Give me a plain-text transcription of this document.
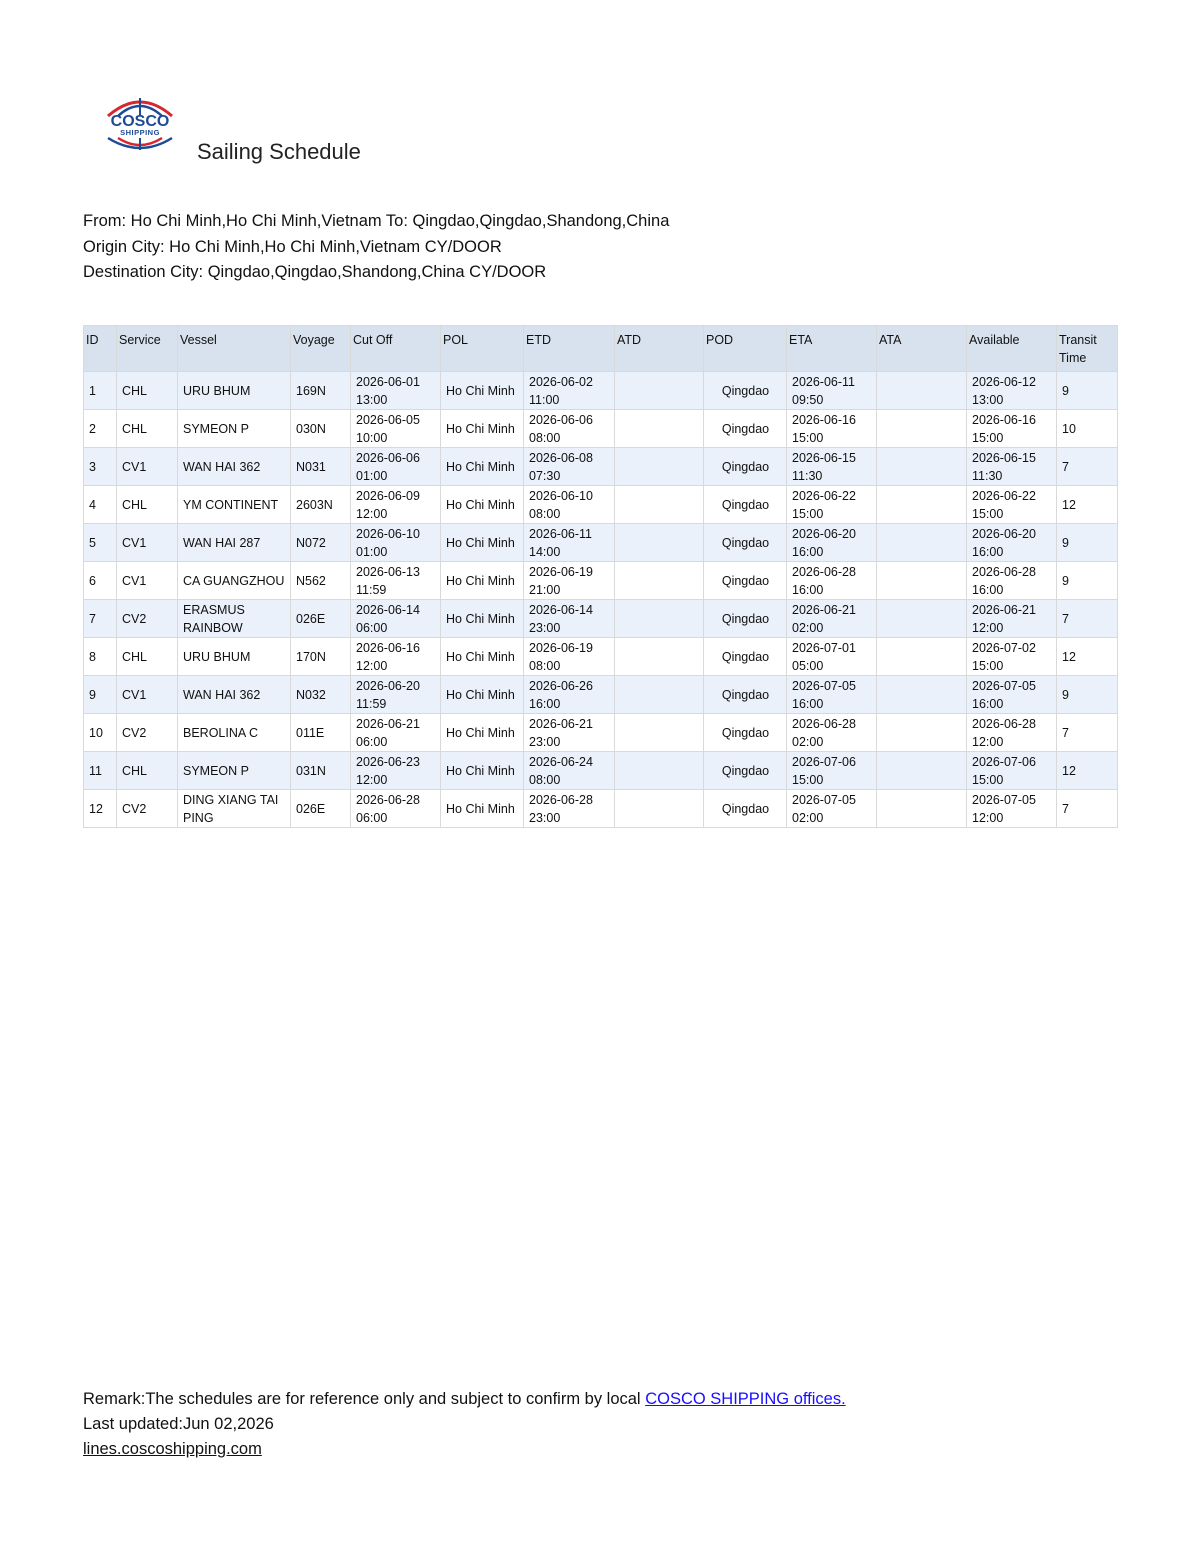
COSCO
SHIPPING
Sailing Schedule
From: Ho Chi Minh,Ho Chi Minh,Vietnam To: Qingdao,Qingdao,Shandong,China
Origin City: Ho Chi Minh,Ho Chi Minh,Vietnam CY/DOOR
Destination City: Qingdao,Qingdao,Shandong,China CY/DOOR
ID	Service	Vessel	Voyage	Cut Off	POL	ETD	ATD	POD	ETA	ATA	Available	Transit Time
1	CHL	URU BHUM	169N	2026-06-01 13:00	Ho Chi Minh	2026-06-02 11:00		Qingdao	2026-06-11 09:50		2026-06-12 13:00	9
2	CHL	SYMEON P	030N	2026-06-05 10:00	Ho Chi Minh	2026-06-06 08:00		Qingdao	2026-06-16 15:00		2026-06-16 15:00	10
3	CV1	WAN HAI 362	N031	2026-06-06 01:00	Ho Chi Minh	2026-06-08 07:30		Qingdao	2026-06-15 11:30		2026-06-15 11:30	7
4	CHL	YM CONTINENT	2603N	2026-06-09 12:00	Ho Chi Minh	2026-06-10 08:00		Qingdao	2026-06-22 15:00		2026-06-22 15:00	12
5	CV1	WAN HAI 287	N072	2026-06-10 01:00	Ho Chi Minh	2026-06-11 14:00		Qingdao	2026-06-20 16:00		2026-06-20 16:00	9
6	CV1	CA GUANGZHOU	N562	2026-06-13 11:59	Ho Chi Minh	2026-06-19 21:00		Qingdao	2026-06-28 16:00		2026-06-28 16:00	9
7	CV2	ERASMUS RAINBOW	026E	2026-06-14 06:00	Ho Chi Minh	2026-06-14 23:00		Qingdao	2026-06-21 02:00		2026-06-21 12:00	7
8	CHL	URU BHUM	170N	2026-06-16 12:00	Ho Chi Minh	2026-06-19 08:00		Qingdao	2026-07-01 05:00		2026-07-02 15:00	12
9	CV1	WAN HAI 362	N032	2026-06-20 11:59	Ho Chi Minh	2026-06-26 16:00		Qingdao	2026-07-05 16:00		2026-07-05 16:00	9
10	CV2	BEROLINA C	011E	2026-06-21 06:00	Ho Chi Minh	2026-06-21 23:00		Qingdao	2026-06-28 02:00		2026-06-28 12:00	7
11	CHL	SYMEON P	031N	2026-06-23 12:00	Ho Chi Minh	2026-06-24 08:00		Qingdao	2026-07-06 15:00		2026-07-06 15:00	12
12	CV2	DING XIANG TAI PING	026E	2026-06-28 06:00	Ho Chi Minh	2026-06-28 23:00		Qingdao	2026-07-05 02:00		2026-07-05 12:00	7
Remark:The schedules are for reference only and subject to confirm by local COSCO SHIPPING offices.
Last updated:Jun 02,2026
lines.coscoshipping.com
